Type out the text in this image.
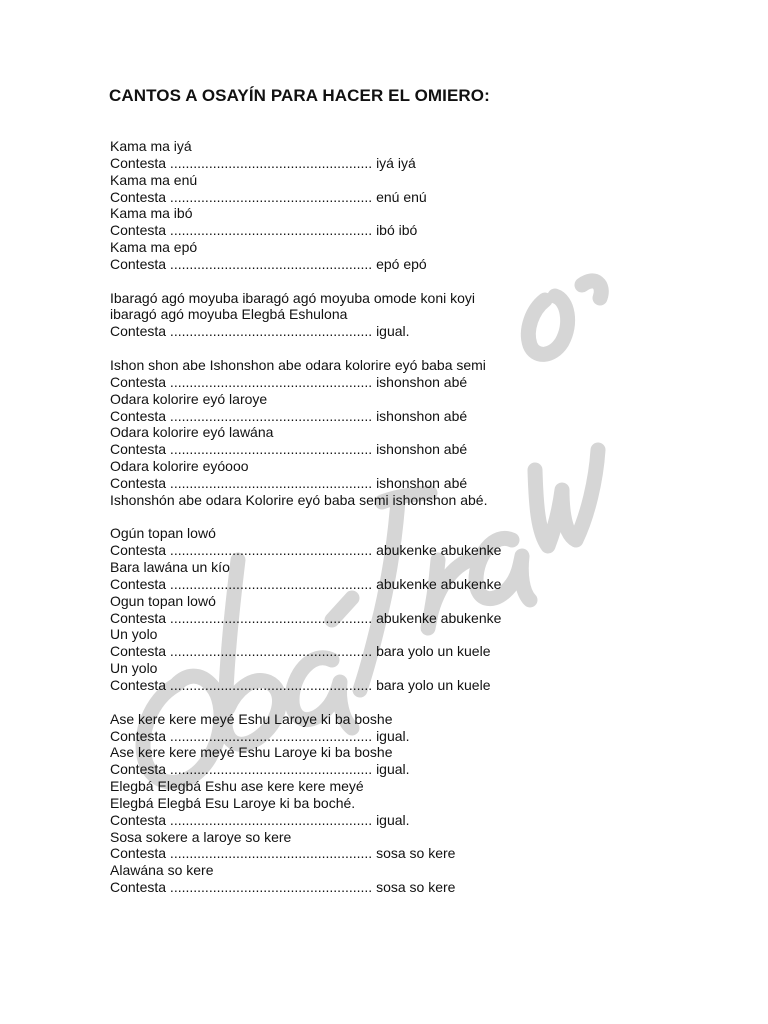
CANTOS A OSAYÍN PARA HACER EL OMIERO:
Kama ma iyá
Contesta .................................................... iyá iyá
Kama ma enú
Contesta .................................................... enú enú
Kama ma ibó
Contesta .................................................... ibó ibó
Kama ma epó
Contesta .................................................... epó epó
Ibaragó agó moyuba ibaragó agó moyuba omode koni koyi
ibaragó agó moyuba Elegbá Eshulona
Contesta .................................................... igual.
Ishon shon abe Ishonshon abe odara kolorire eyó baba semi
Contesta .................................................... ishonshon abé
Odara kolorire eyó laroye
Contesta .................................................... ishonshon abé
Odara kolorire eyó lawána
Contesta .................................................... ishonshon abé
Odara kolorire eyóooo
Contesta .................................................... ishonshon abé
Ishonshón abe odara Kolorire eyó baba semi ishonshon abé.
Ogún topan lowó
Contesta .................................................... abukenke abukenke
Bara lawána un kío
Contesta .................................................... abukenke abukenke
Ogun topan lowó
Contesta .................................................... abukenke abukenke
Un yolo
Contesta .................................................... bara yolo un kuele
Un yolo
Contesta .................................................... bara yolo un kuele
Ase kere kere meyé Eshu Laroye ki ba boshe
Contesta .................................................... igual.
Ase kere kere meyé Eshu Laroye ki ba boshe
Contesta .................................................... igual.
Elegbá Elegbá Eshu ase kere kere meyé
Elegbá Elegbá Esu Laroye ki ba boché.
Contesta .................................................... igual.
Sosa sokere a laroye so kere
Contesta .................................................... sosa so kere
Alawána so kere
Contesta .................................................... sosa so kere
